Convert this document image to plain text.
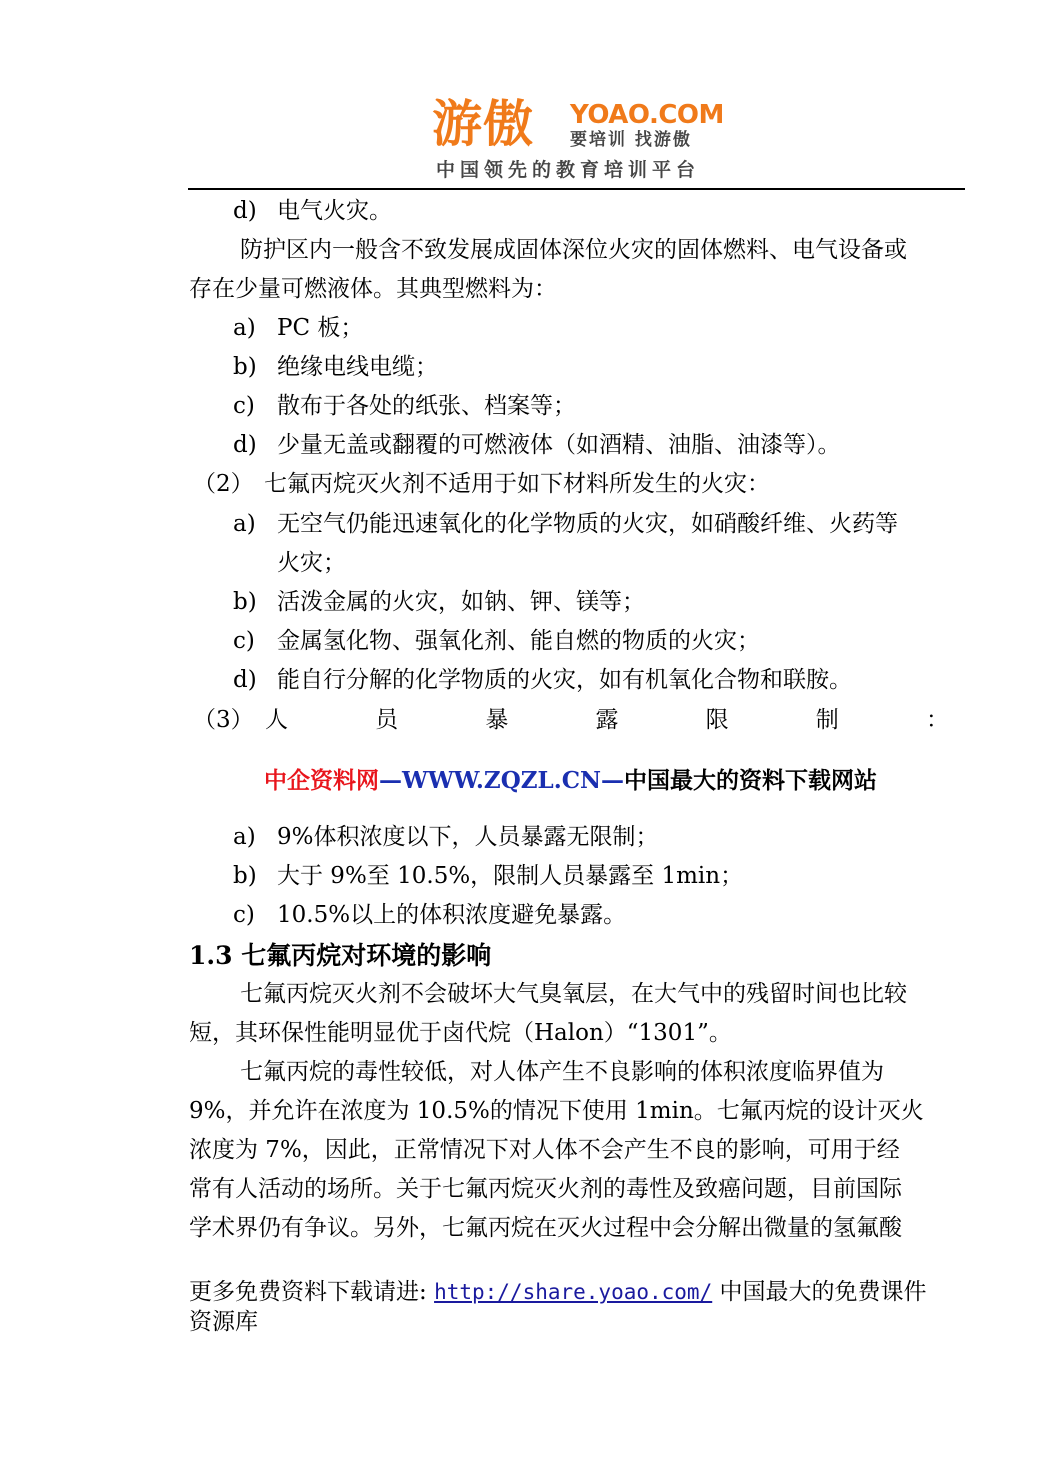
游傲 YOAO.COM
要培训 找游傲
中国领先的教育培训平台
d) 电气火灾。
防护区内一般含不致发展成固体深位火灾的固体燃料、电气设备或
存在少量可燃液体。其典型燃料为：
a) PC 板；
b) 绝缘电线电缆；
c) 散布于各处的纸张、档案等；
d) 少量无盖或翻覆的可燃液体（如酒精、油脂、油漆等）。
（2） 七氟丙烷灭火剂不适用于如下材料所发生的火灾：
a) 无空气仍能迅速氧化的化学物质的火灾，如硝酸纤维、火药等
火灾；
b) 活泼金属的火灾，如钠、钾、镁等；
c) 金属氢化物、强氧化剂、能自燃的物质的火灾；
d) 能自行分解的化学物质的火灾，如有机氧化合物和联胺。
（3） 人	员	暴	露	限	制	：
中企资料网—WWW.ZQZL.CN—中国最大的资料下载网站
a) 9%体积浓度以下，人员暴露无限制；
b) 大于 9%至 10.5%，限制人员暴露至 1min；
c) 10.5%以上的体积浓度避免暴露。
1.3 七氟丙烷对环境的影响
七氟丙烷灭火剂不会破坏大气臭氧层，在大气中的残留时间也比较
短，其环保性能明显优于卤代烷（Halon）“1301”。
七氟丙烷的毒性较低，对人体产生不良影响的体积浓度临界值为
9%，并允许在浓度为 10.5%的情况下使用 1min。七氟丙烷的设计灭火
浓度为 7%，因此，正常情况下对人体不会产生不良的影响，可用于经
常有人活动的场所。关于七氟丙烷灭火剂的毒性及致癌问题，目前国际
学术界仍有争议。另外，七氟丙烷在灭火过程中会分解出微量的氢氟酸
更多免费资料下载请进: http://share.yoao.com/ 中国最大的免费课件
资源库
